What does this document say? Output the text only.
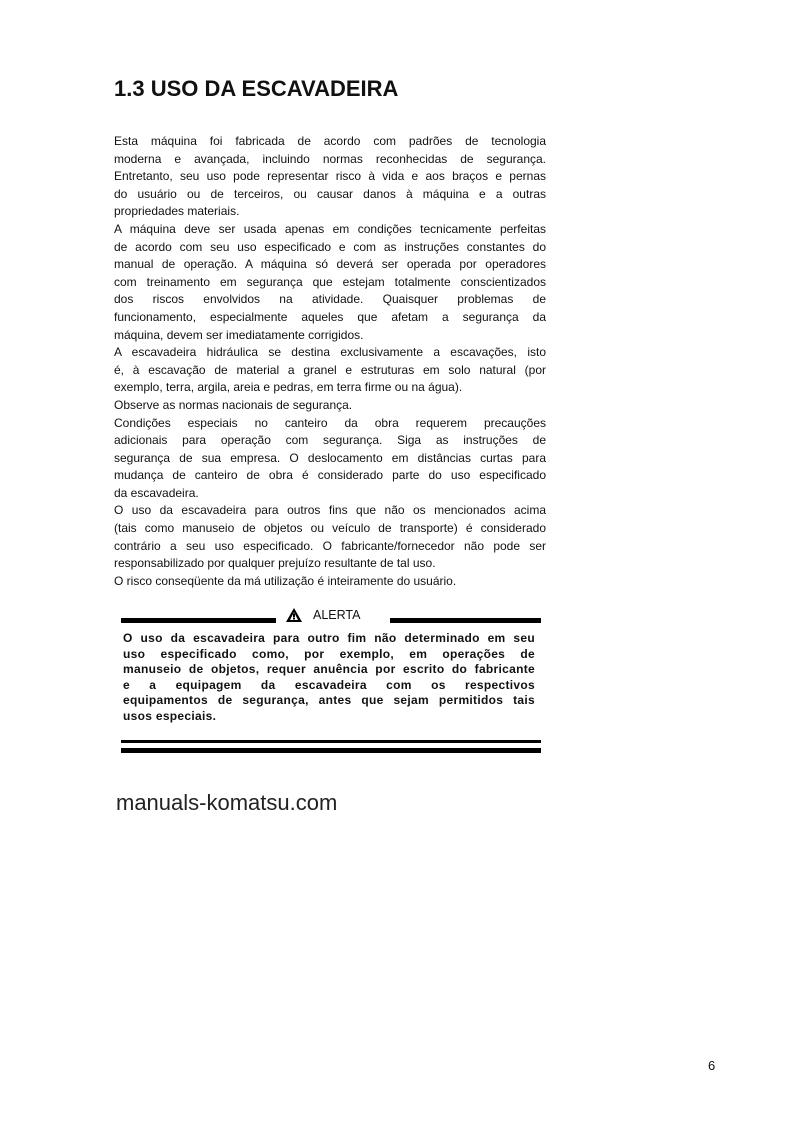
1.3 USO DA ESCAVADEIRA
Esta máquina foi fabricada de acordo com padrões de tecnologia
moderna e avançada, incluindo normas reconhecidas de segurança.
Entretanto, seu uso pode representar risco à vida e aos braços e pernas
do usuário ou de terceiros, ou causar danos à máquina e a outras
propriedades materiais.
A máquina deve ser usada apenas em condições tecnicamente perfeitas
de acordo com seu uso especificado e com as instruções constantes do
manual de operação. A máquina só deverá ser operada por operadores
com treinamento em segurança que estejam totalmente conscientizados
dos riscos envolvidos na atividade. Quaisquer problemas de
funcionamento, especialmente aqueles que afetam a segurança da
máquina, devem ser imediatamente corrigidos.
A escavadeira hidráulica se destina exclusivamente a escavações, isto
é, à escavação de material a granel e estruturas em solo natural (por
exemplo, terra, argila, areia e pedras, em terra firme ou na água).
Observe as normas nacionais de segurança.
Condições especiais no canteiro da obra requerem precauções
adicionais para operação com segurança. Siga as instruções de
segurança de sua empresa. O deslocamento em distâncias curtas para
mudança de canteiro de obra é considerado parte do uso especificado
da escavadeira.
O uso da escavadeira para outros fins que não os mencionados acima
(tais como manuseio de objetos ou veículo de transporte) é considerado
contrário a seu uso especificado. O fabricante/fornecedor não pode ser
responsabilizado por qualquer prejuízo resultante de tal uso.
O risco conseqüente da má utilização é inteiramente do usuário.
ALERTA
O uso da escavadeira para outro fim não determinado em seu
uso especificado como, por exemplo, em operações de
manuseio de objetos, requer anuência por escrito do fabricante
e a equipagem da escavadeira com os respectivos
equipamentos de segurança, antes que sejam permitidos tais
usos especiais.
manuals-komatsu.com
6
